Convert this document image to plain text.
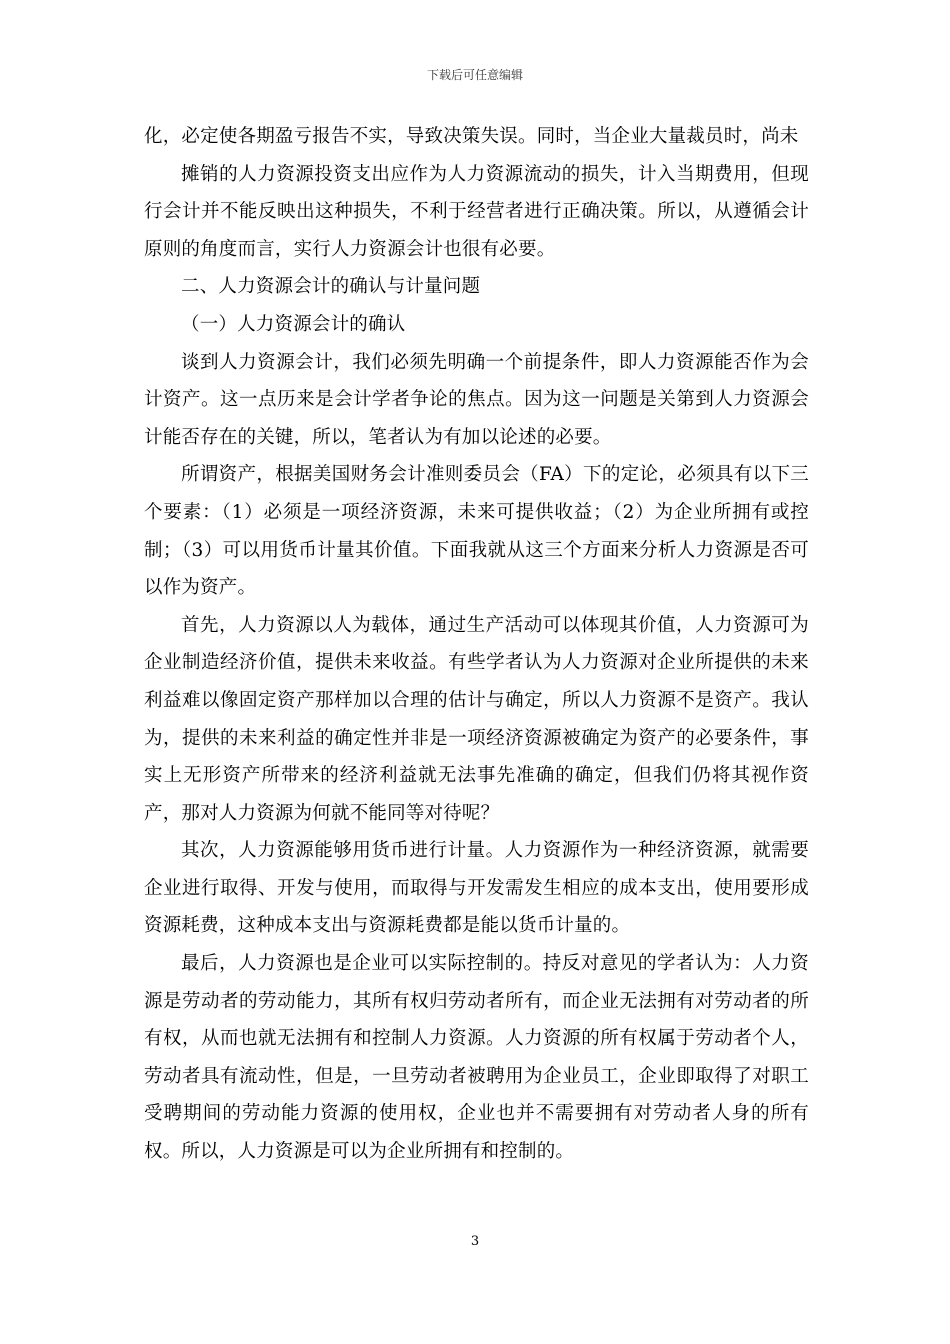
下载后可任意编辑

化，必定使各期盈亏报告不实，导致决策失误。同时，当企业大量裁员时，尚未

摊销的人力资源投资支出应作为人力资源流动的损失，计入当期费用，但现行会计并不能反映出这种损失，不利于经营者进行正确决策。所以，从遵循会计原则的角度而言，实行人力资源会计也很有必要。

二、人力资源会计的确认与计量问题

（一）人力资源会计的确认

谈到人力资源会计，我们必须先明确一个前提条件，即人力资源能否作为会计资产。这一点历来是会计学者争论的焦点。因为这一问题是关第到人力资源会计能否存在的关键，所以，笔者认为有加以论述的必要。

所谓资产，根据美国财务会计准则委员会（FA）下的定论，必须具有以下三个要素：（1）必须是一项经济资源，未来可提供收益；（2）为企业所拥有或控制；（3）可以用货币计量其价值。下面我就从这三个方面来分析人力资源是否可以作为资产。

首先，人力资源以人为载体，通过生产活动可以体现其价值，人力资源可为企业制造经济价值，提供未来收益。有些学者认为人力资源对企业所提供的未来利益难以像固定资产那样加以合理的估计与确定，所以人力资源不是资产。我认为，提供的未来利益的确定性并非是一项经济资源被确定为资产的必要条件，事实上无形资产所带来的经济利益就无法事先准确的确定，但我们仍将其视作资产，那对人力资源为何就不能同等对待呢？

其次，人力资源能够用货币进行计量。人力资源作为一种经济资源，就需要企业进行取得、开发与使用，而取得与开发需发生相应的成本支出，使用要形成资源耗费，这种成本支出与资源耗费都是能以货币计量的。

最后，人力资源也是企业可以实际控制的。持反对意见的学者认为：人力资源是劳动者的劳动能力，其所有权归劳动者所有，而企业无法拥有对劳动者的所有权，从而也就无法拥有和控制人力资源。人力资源的所有权属于劳动者个人，劳动者具有流动性，但是，一旦劳动者被聘用为企业员工，企业即取得了对职工受聘期间的劳动能力资源的使用权，企业也并不需要拥有对劳动者人身的所有权。所以，人力资源是可以为企业所拥有和控制的。

3
